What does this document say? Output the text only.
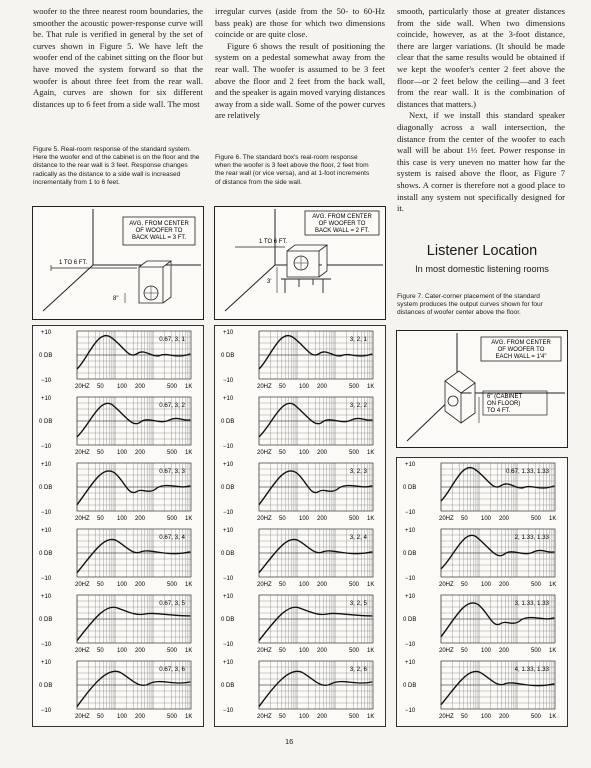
woofer to the three nearest room boundaries, the smoother the acoustic power-response curve will be. That rule is verified in general by the set of curves shown in Figure 5. We have left the woofer end of the cabinet sitting on the floor but have moved the system forward so that the woofer is about three feet from the rear wall. Again, curves are shown for six different distances up to 6 feet from a side wall. The most

irregular curves (aside from the 50- to 60-Hz bass peak) are those for which two dimensions coincide or are quite close.

Figure 6 shows the result of positioning the system on a pedestal somewhat away from the rear wall. The woofer is assumed to be 3 feet above the floor and 2 feet from the back wall, and the speaker is again moved varying distances away from a side wall. Some of the power curves are relatively

smooth, particularly those at greater distances from the side wall. When two dimensions coincide, however, as at the 3-foot distance, there are larger variations. (It should be made clear that the same results would be obtained if we kept the woofer's center 2 feet above the floor—or 2 feet below the ceiling—and 3 feet from the rear wall. It is the combination of distances that matters.)

Next, if we install this standard speaker diagonally across a wall intersection, the distance from the center of the woofer to each wall will be about 1⅓ feet. Power response in this case is very uneven no matter how far the system is raised above the floor, as Figure 7 shows. A corner is therefore not a good place to install any system not specifically designed for it.

Figure 5. Real-room response of the standard system. Here the woofer end of the cabinet is on the floor and the distance to the rear wall is 3 feet. Response changes radically as the distance to a side wall is increased incrementally from 1 to 6 feet.

Figure 6. The standard box's real-room response when the woofer is 3 feet above the floor, 2 feet from the rear wall (or vice versa), and at 1-foot increments of distance from the side wall.

Listener Location

In most domestic listening rooms

Figure 7. Cater-corner placement of the standard system produces the output curves shown for four distances of woofer center above the floor.

AVG. FROM CENTER
OF WOOFER TO
BACK WALL = 3 FT.
1 TO 6 FT.
8"
AVG. FROM CENTER
OF WOOFER TO
BACK WALL = 2 FT.
1 TO 6 FT.
3'
AVG. FROM CENTER
OF WOOFER TO
EACH WALL = 1'4"
6" (CABINET
ON FLOOR)
TO 4 FT.
+10
0 DB
−10
0.67, 3, 1
20HZ 50 100 200	500 1K
+10
0 DB
−10
0.67, 3, 2
20HZ 50 100 200	500 1K
+10
0 DB
−10
0.67, 3, 3
20HZ 50 100 200	500 1K
+10
0 DB
−10
0.67, 3, 4
20HZ 50 100 200	500 1K
+10
0 DB
−10
0.67, 3, 5
20HZ 50 100 200	500 1K
+10
0 DB
−10
0.67, 3, 6
20HZ 50 100 200	500 1K
+10
0 DB
−10
3, 2, 1
20HZ 50 100 200	500 1K
+10
0 DB
−10
3, 2, 2
20HZ 50 100 200	500 1K
+10
0 DB
−10
3, 2, 3
20HZ 50 100 200	500 1K
+10
0 DB
−10
3, 2, 4
20HZ 50 100 200	500 1K
+10
0 DB
−10
3, 2, 5
20HZ 50 100 200	500 1K
+10
0 DB
−10
3, 2, 6
20HZ 50 100 200	500 1K
+10
0 DB
−10
0.67, 1.33, 1.33
20HZ 50 100 200	500 1K
+10
0 DB
−10
2, 1.33, 1.33
20HZ 50 100 200	500 1K
+10
0 DB
−10
3, 1.33, 1.33
20HZ 50 100 200	500 1K
+10
0 DB
−10
4, 1.33, 1.33
20HZ 50 100 200	500 1K
16
